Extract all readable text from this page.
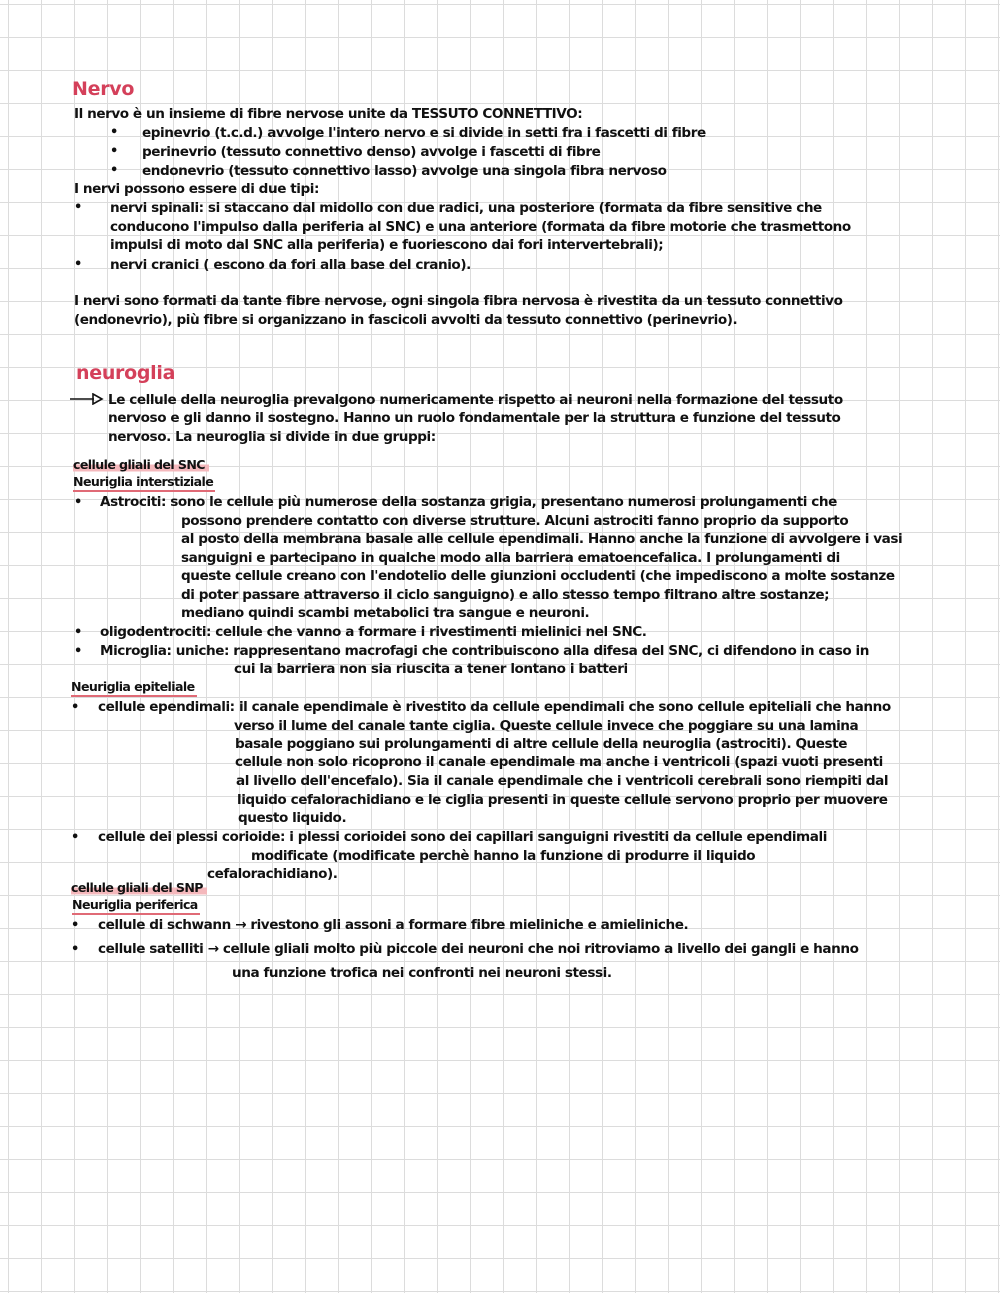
Nervo
Il nervo è un insieme di fibre nervose unite da TESSUTO CONNETTIVO:
• epinevrio (t.c.d.) avvolge l'intero nervo e si divide in setti fra i fascetti di fibre
• perinevrio (tessuto connettivo denso) avvolge i fascetti di fibre
• endonevrio (tessuto connettivo lasso) avvolge una singola fibra nervoso
I nervi possono essere di due tipi:
• nervi spinali: si staccano dal midollo con due radici, una posteriore (formata da fibre sensitive che
conducono l'impulso dalla periferia al SNC) e una anteriore (formata da fibre motorie che trasmettono
impulsi di moto dal SNC alla periferia) e fuoriescono dai fori intervertebrali);
• nervi cranici ( escono da fori alla base del cranio).
I nervi sono formati da tante fibre nervose, ogni singola fibra nervosa è rivestita da un tessuto connettivo
(endonevrio), più fibre si organizzano in fascicoli avvolti da tessuto connettivo (perinevrio).
neuroglia
Le cellule della neuroglia prevalgono numericamente rispetto ai neuroni nella formazione del tessuto
nervoso e gli danno il sostegno. Hanno un ruolo fondamentale per la struttura e funzione del tessuto
nervoso. La neuroglia si divide in due gruppi:
cellule gliali del SNC
Neuriglia interstiziale
• Astrociti: sono le cellule più numerose della sostanza grigia, presentano numerosi prolungamenti che
possono prendere contatto con diverse strutture. Alcuni astrociti fanno proprio da supporto
al posto della membrana basale alle cellule ependimali. Hanno anche la funzione di avvolgere i vasi
sanguigni e partecipano in qualche modo alla barriera ematoencefalica. I prolungamenti di
queste cellule creano con l'endotelio delle giunzioni occludenti (che impediscono a molte sostanze
di poter passare attraverso il ciclo sanguigno) e allo stesso tempo filtrano altre sostanze;
mediano quindi scambi metabolici tra sangue e neuroni.
• oligodentrociti: cellule che vanno a formare i rivestimenti mielinici nel SNC.
• Microglia: uniche: rappresentano macrofagi che contribuiscono alla difesa del SNC, ci difendono in caso in
cui la barriera non sia riuscita a tener lontano i batteri
Neuriglia epiteliale
• cellule ependimali: il canale ependimale è rivestito da cellule ependimali che sono cellule epiteliali che hanno
verso il lume del canale tante ciglia. Queste cellule invece che poggiare su una lamina
basale poggiano sui prolungamenti di altre cellule della neuroglia (astrociti). Queste
cellule non solo ricoprono il canale ependimale ma anche i ventricoli (spazi vuoti presenti
al livello dell'encefalo). Sia il canale ependimale che i ventricoli cerebrali sono riempiti dal
liquido cefalorachidiano e le ciglia presenti in queste cellule servono proprio per muovere
questo liquido.
• cellule dei plessi corioide: i plessi corioidei sono dei capillari sanguigni rivestiti da cellule ependimali
modificate (modificate perchè hanno la funzione di produrre il liquido
cefalorachidiano).
cellule gliali del SNP
Neuriglia periferica
• cellule di schwann → rivestono gli assoni a formare fibre mieliniche e amieliniche.
• cellule satelliti → cellule gliali molto più piccole dei neuroni che noi ritroviamo a livello dei gangli e hanno
una funzione trofica nei confronti nei neuroni stessi.
